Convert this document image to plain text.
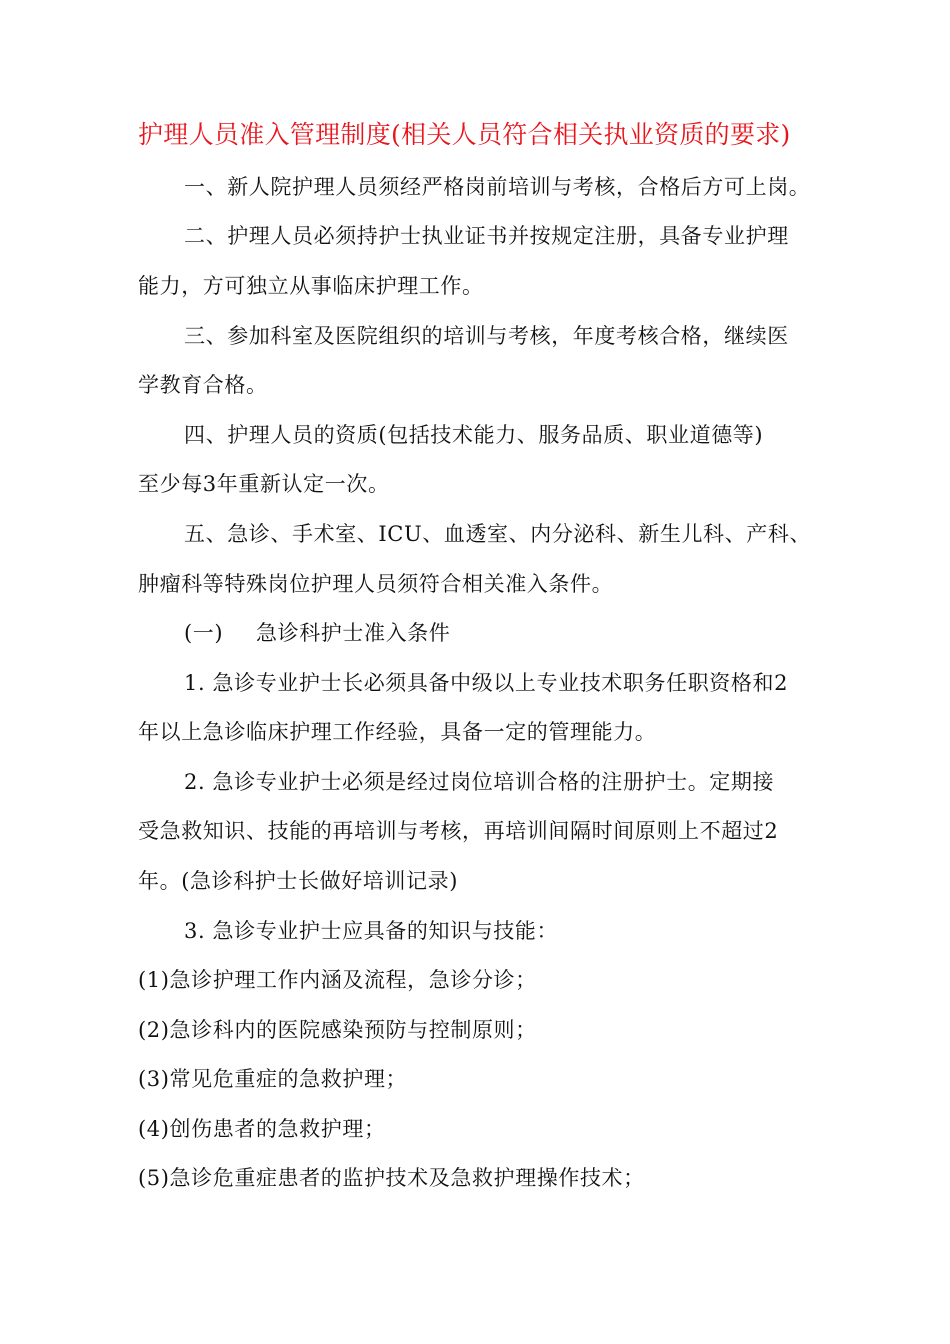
护理人员准入管理制度(相关人员符合相关执业资质的要求)
一、新人院护理人员须经严格岗前培训与考核，合格后方可上岗。
二、护理人员必须持护士执业证书并按规定注册，具备专业护理
能力，方可独立从事临床护理工作。
三、参加科室及医院组织的培训与考核，年度考核合格，继续医
学教育合格。
四、护理人员的资质(包括技术能力、服务品质、职业道德等)
至少每3年重新认定一次。
五、急诊、手术室、ICU、血透室、内分泌科、新生儿科、产科、
肿瘤科等特殊岗位护理人员须符合相关准入条件。
(一) 急诊科护士准入条件
1. 急诊专业护士长必须具备中级以上专业技术职务任职资格和2
年以上急诊临床护理工作经验，具备一定的管理能力。
2. 急诊专业护士必须是经过岗位培训合格的注册护士。定期接
受急救知识、技能的再培训与考核，再培训间隔时间原则上不超过2
年。(急诊科护士长做好培训记录)
3. 急诊专业护士应具备的知识与技能：
(1)急诊护理工作内涵及流程，急诊分诊；
(2)急诊科内的医院感染预防与控制原则；
(3)常见危重症的急救护理；
(4)创伤患者的急救护理；
(5)急诊危重症患者的监护技术及急救护理操作技术；
